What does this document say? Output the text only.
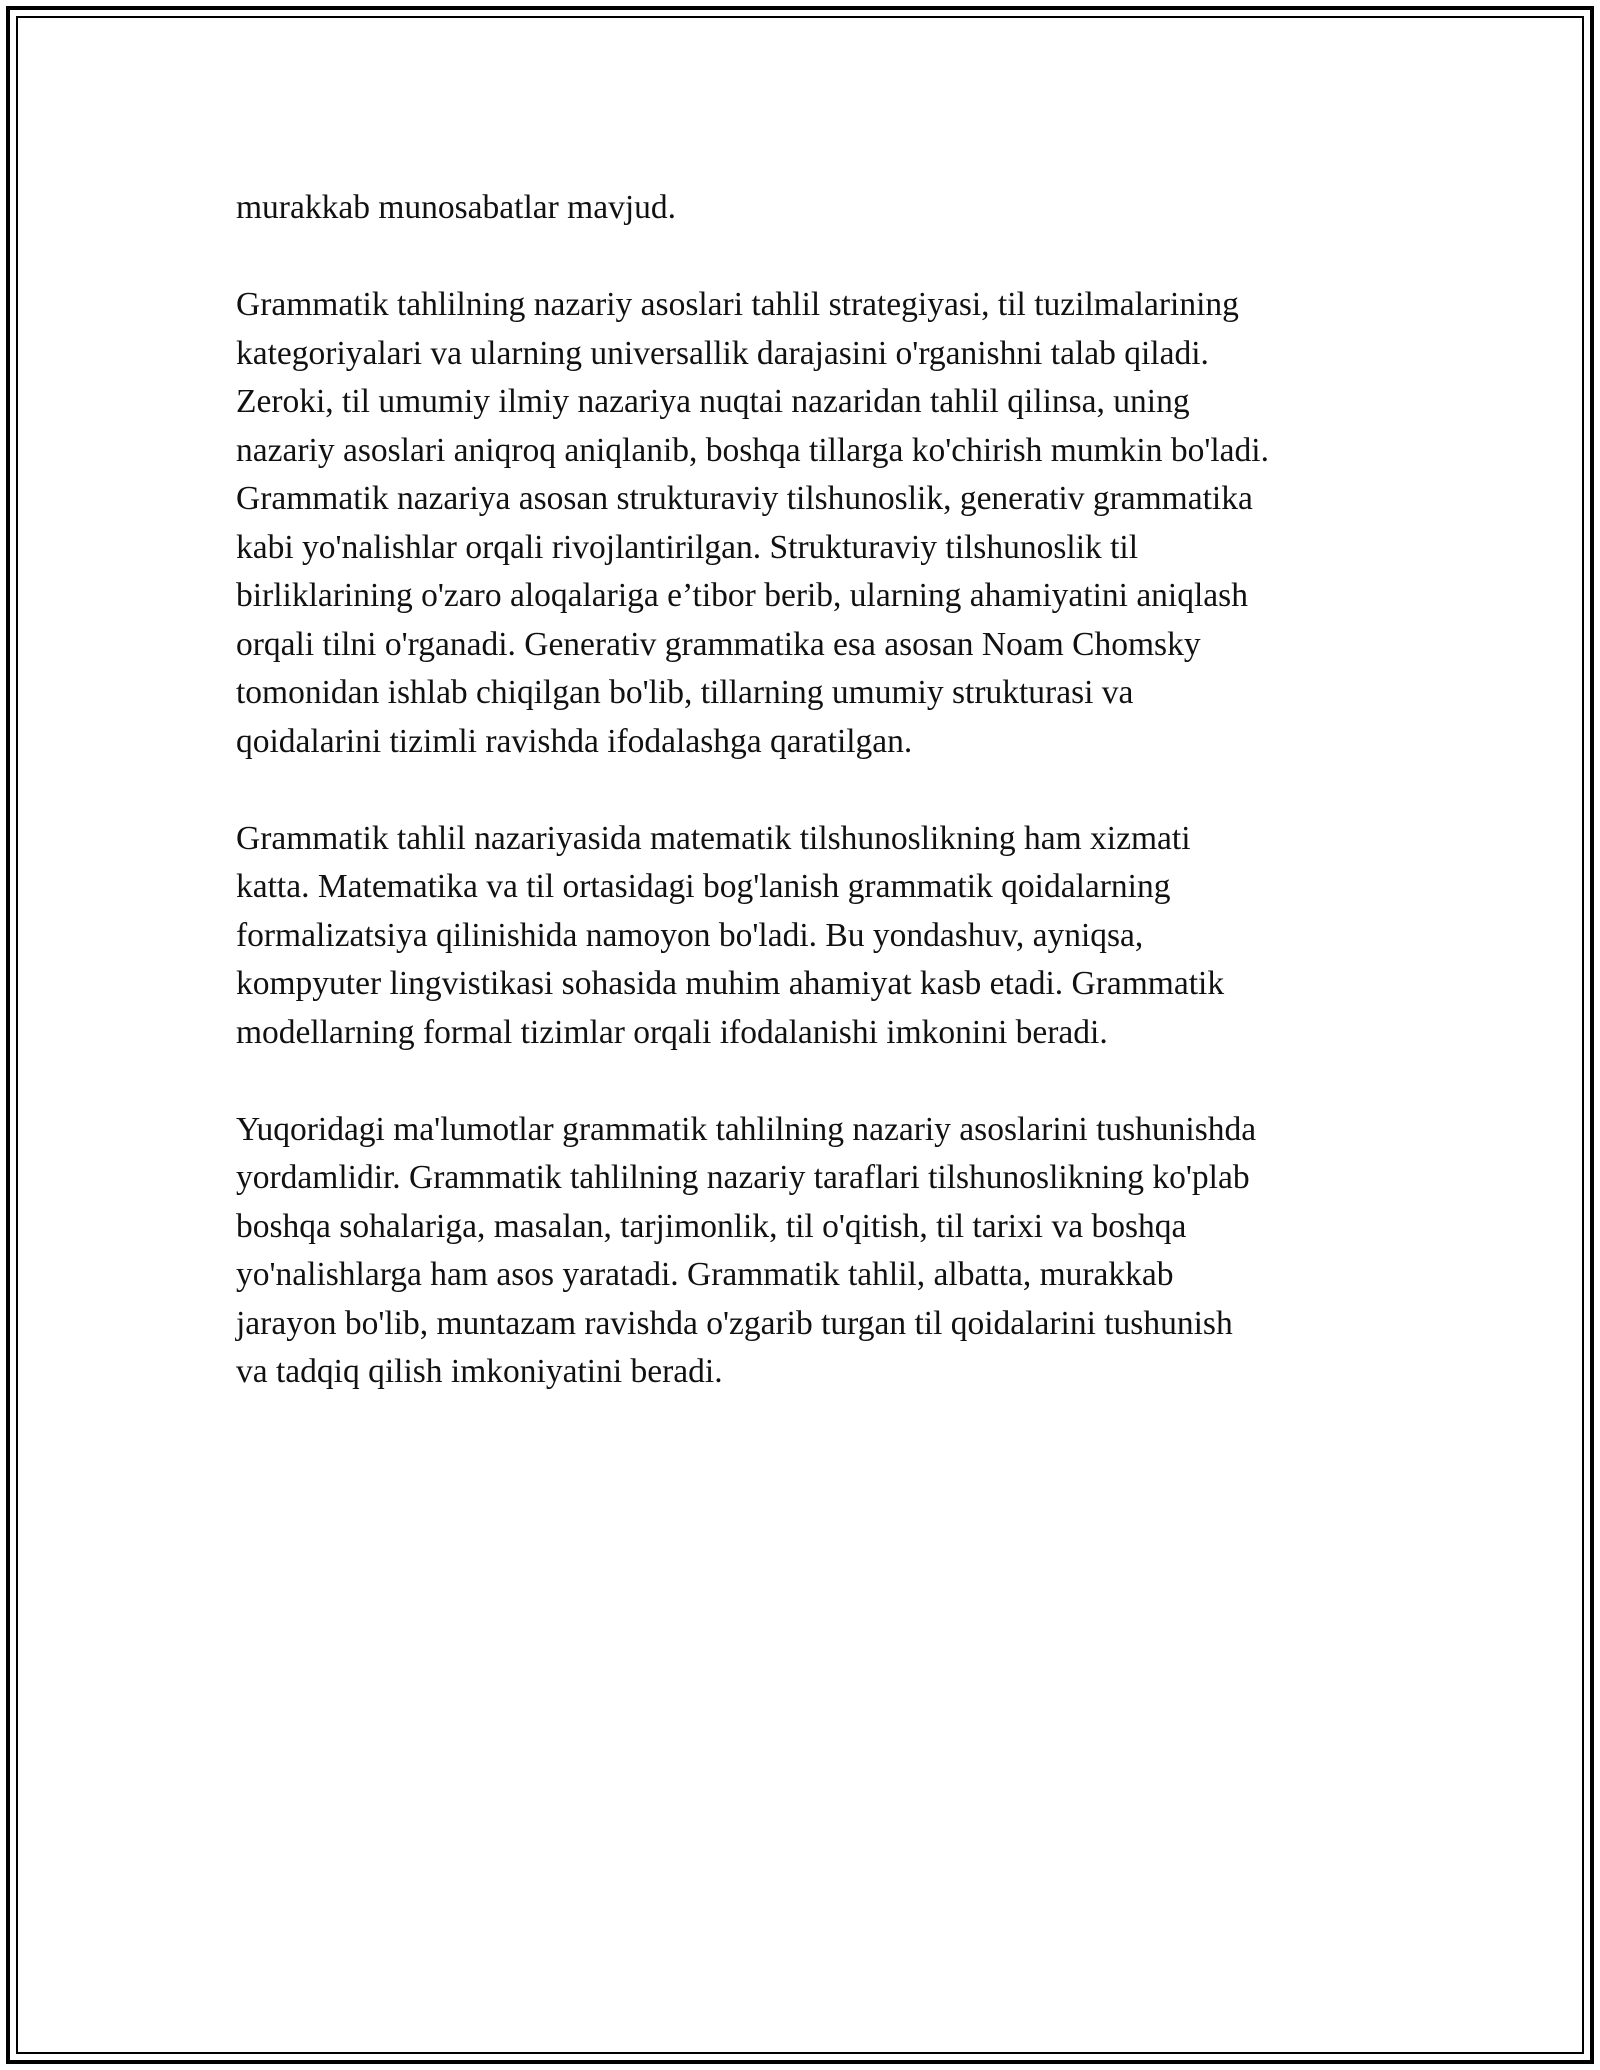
murakkab munosabatlar mavjud.

Grammatik tahlilning nazariy asoslari tahlil strategiyasi, til tuzilmalarining
kategoriyalari va ularning universallik darajasini o'rganishni talab qiladi.
Zeroki, til umumiy ilmiy nazariya nuqtai nazaridan tahlil qilinsa, uning
nazariy asoslari aniqroq aniqlanib, boshqa tillarga ko'chirish mumkin bo'ladi.
Grammatik nazariya asosan strukturaviy tilshunoslik, generativ grammatika
kabi yo'nalishlar orqali rivojlantirilgan. Strukturaviy tilshunoslik til
birliklarining o'zaro aloqalariga e’tibor berib, ularning ahamiyatini aniqlash
orqali tilni o'rganadi. Generativ grammatika esa asosan Noam Chomsky
tomonidan ishlab chiqilgan bo'lib, tillarning umumiy strukturasi va
qoidalarini tizimli ravishda ifodalashga qaratilgan.

Grammatik tahlil nazariyasida matematik tilshunoslikning ham xizmati
katta. Matematika va til ortasidagi bog'lanish grammatik qoidalarning
formalizatsiya qilinishida namoyon bo'ladi. Bu yondashuv, ayniqsa,
kompyuter lingvistikasi sohasida muhim ahamiyat kasb etadi. Grammatik
modellarning formal tizimlar orqali ifodalanishi imkonini beradi.

Yuqoridagi ma'lumotlar grammatik tahlilning nazariy asoslarini tushunishda
yordamlidir. Grammatik tahlilning nazariy taraflari tilshunoslikning ko'plab
boshqa sohalariga, masalan, tarjimonlik, til o'qitish, til tarixi va boshqa
yo'nalishlarga ham asos yaratadi. Grammatik tahlil, albatta, murakkab
jarayon bo'lib, muntazam ravishda o'zgarib turgan til qoidalarini tushunish
va tadqiq qilish imkoniyatini beradi.
